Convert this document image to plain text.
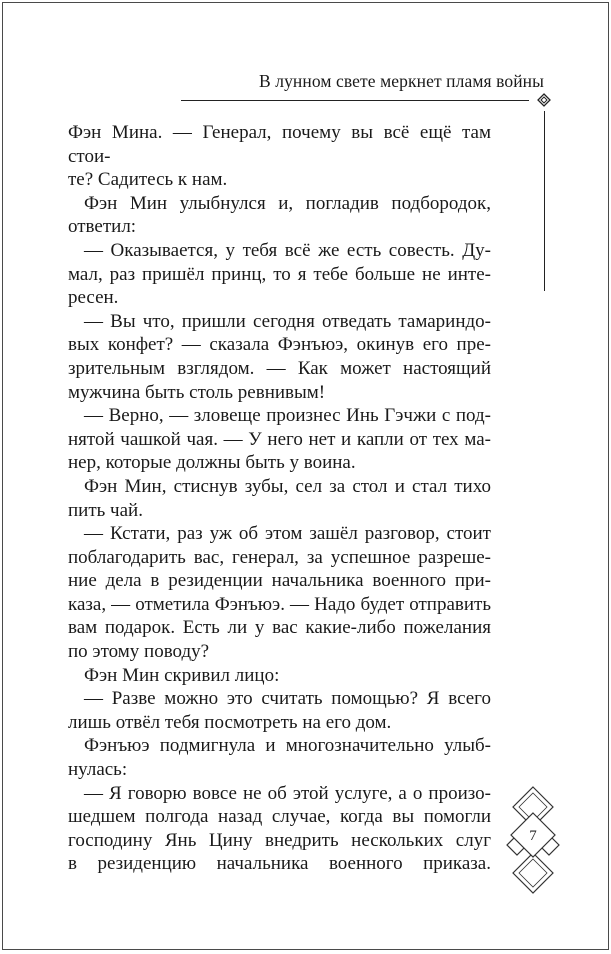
В лунном свете меркнет пламя войны

Фэн Мина. — Генерал, почему вы всё ещё там стои-

те? Садитесь к нам.

Фэн Мин улыбнулся и, погладив подбородок,

ответил:

— Оказывается, у тебя всё же есть совесть. Ду-

мал, раз пришёл принц, то я тебе больше не инте-

ресен.

— Вы что, пришли сегодня отведать тамариндо-

вых конфет? — сказала Фэнъюэ, окинув его пре-

зрительным взглядом. — Как может настоящий

мужчина быть столь ревнивым!

— Верно, — зловеще произнес Инь Гэчжи с под-

нятой чашкой чая. — У него нет и капли от тех ма-

нер, которые должны быть у воина.

Фэн Мин, стиснув зубы, сел за стол и стал тихо

пить чай.

— Кстати, раз уж об этом зашёл разговор, стоит

поблагодарить вас, генерал, за успешное разреше-

ние дела в резиденции начальника военного при-

каза, — отметила Фэнъюэ. — Надо будет отправить

вам подарок. Есть ли у вас какие-либо пожелания

по этому поводу?

Фэн Мин скривил лицо:

— Разве можно это считать помощью? Я всего

лишь отвёл тебя посмотреть на его дом.

Фэнъюэ подмигнула и многозначительно улыб-

нулась:

— Я говорю вовсе не об этой услуге, а о произо-

шедшем полгода назад случае, когда вы помогли

господину Янь Цину внедрить нескольких слуг

в резиденцию начальника военного приказа.

7
